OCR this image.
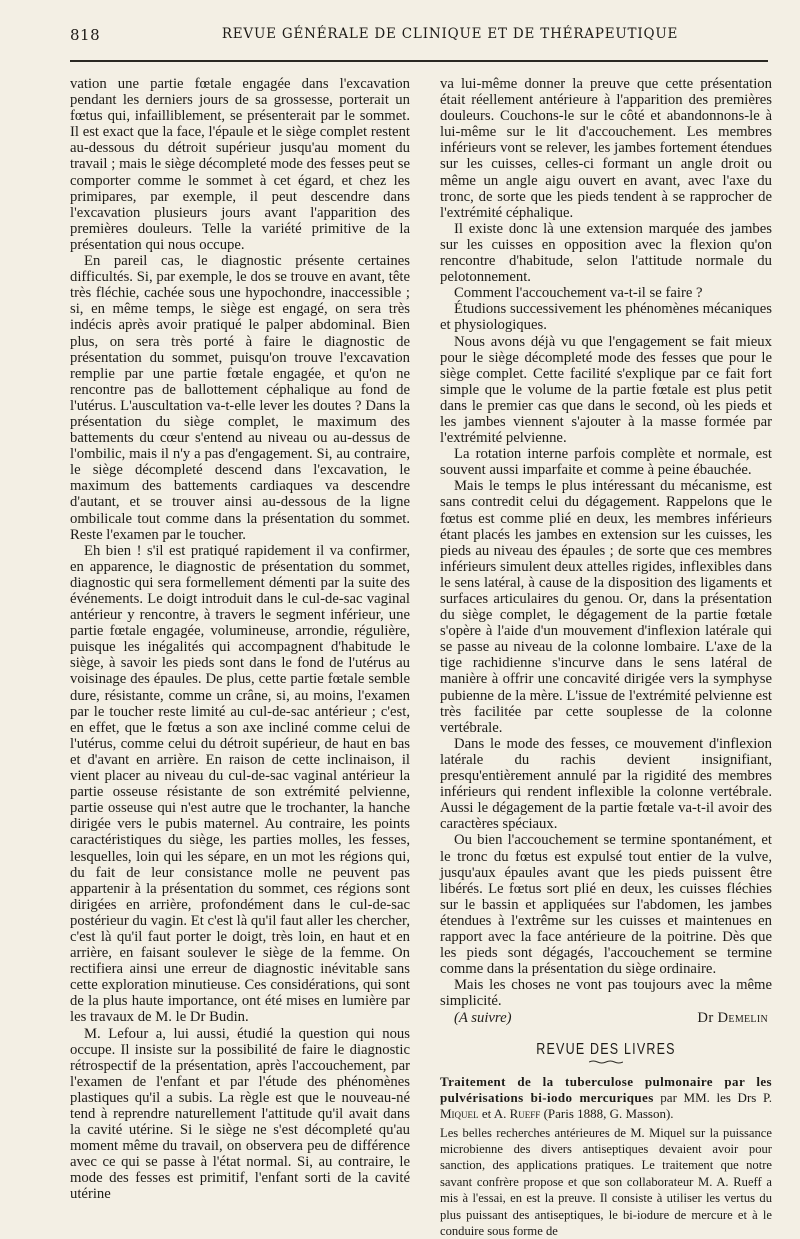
818	REVUE GÉNÉRALE DE CLINIQUE ET DE THÉRAPEUTIQUE

vation une partie fœtale engagée dans l'excavation pendant les derniers jours de sa grossesse, porterait un fœtus qui, infailliblement, se présenterait par le sommet. Il est exact que la face, l'épaule et le siège complet restent au-dessous du détroit supérieur jusqu'au moment du travail ; mais le siège décompleté mode des fesses peut se comporter comme le sommet à cet égard, et chez les primipares, par exemple, il peut descendre dans l'excavation plusieurs jours avant l'apparition des premières douleurs. Telle la variété primitive de la présentation qui nous occupe.

En pareil cas, le diagnostic présente certaines difficultés. Si, par exemple, le dos se trouve en avant, tête très fléchie, cachée sous une hypochondre, inaccessible ; si, en même temps, le siège est engagé, on sera très indécis après avoir pratiqué le palper abdominal. Bien plus, on sera très porté à faire le diagnostic de présentation du sommet, puisqu'on trouve l'excavation remplie par une partie fœtale engagée, et qu'on ne rencontre pas de ballottement céphalique au fond de l'utérus. L'auscultation va-t-elle lever les doutes ? Dans la présentation du siège complet, le maximum des battements du cœur s'entend au niveau ou au-dessus de l'ombilic, mais il n'y a pas d'engagement. Si, au contraire, le siège décompleté descend dans l'excavation, le maximum des battements cardiaques va descendre d'autant, et se trouver ainsi au-dessous de la ligne ombilicale tout comme dans la présentation du sommet. Reste l'examen par le toucher.

Eh bien ! s'il est pratiqué rapidement il va confirmer, en apparence, le diagnostic de présentation du sommet, diagnostic qui sera formellement démenti par la suite des événements. Le doigt introduit dans le cul-de-sac vaginal antérieur y rencontre, à travers le segment inférieur, une partie fœtale engagée, volumineuse, arrondie, régulière, puisque les inégalités qui accompagnent d'habitude le siège, à savoir les pieds sont dans le fond de l'utérus au voisinage des épaules. De plus, cette partie fœtale semble dure, résistante, comme un crâne, si, au moins, l'examen par le toucher reste limité au cul-de-sac antérieur ; c'est, en effet, que le fœtus a son axe incliné comme celui de l'utérus, comme celui du détroit supérieur, de haut en bas et d'avant en arrière. En raison de cette inclinaison, il vient placer au niveau du cul-de-sac vaginal antérieur la partie osseuse résistante de son extrémité pelvienne, partie osseuse qui n'est autre que le trochanter, la hanche dirigée vers le pubis maternel. Au contraire, les points caractéristiques du siège, les parties molles, les fesses, lesquelles, loin qui les sépare, en un mot les régions qui, du fait de leur consistance molle ne peuvent pas appartenir à la présentation du sommet, ces régions sont dirigées en arrière, profondément dans le cul-de-sac postérieur du vagin. Et c'est là qu'il faut aller les chercher, c'est là qu'il faut porter le doigt, très loin, en haut et en arrière, en faisant soulever le siège de la femme. On rectifiera ainsi une erreur de diagnostic inévitable sans cette exploration minutieuse. Ces considérations, qui sont de la plus haute importance, ont été mises en lumière par les travaux de M. le Dr Budin.

M. Lefour a, lui aussi, étudié la question qui nous occupe. Il insiste sur la possibilité de faire le diagnostic rétrospectif de la présentation, après l'accouchement, par l'examen de l'enfant et par l'étude des phénomènes plastiques qu'il a subis. La règle est que le nouveau-né tend à reprendre naturellement l'attitude qu'il avait dans la cavité utérine. Si le siège ne s'est décompleté qu'au moment même du travail, on observera peu de différence avec ce qui se passe à l'état normal. Si, au contraire, le mode des fesses est primitif, l'enfant sorti de la cavité utérine

va lui-même donner la preuve que cette présentation était réellement antérieure à l'apparition des premières douleurs. Couchons-le sur le côté et abandonnons-le à lui-même sur le lit d'accouchement. Les membres inférieurs vont se relever, les jambes fortement étendues sur les cuisses, celles-ci formant un angle droit ou même un angle aigu ouvert en avant, avec l'axe du tronc, de sorte que les pieds tendent à se rapprocher de l'extrémité céphalique.

Il existe donc là une extension marquée des jambes sur les cuisses en opposition avec la flexion qu'on rencontre d'habitude, selon l'attitude normale du pelotonnement.

Comment l'accouchement va-t-il se faire ?

Étudions successivement les phénomènes mécaniques et physiologiques.

Nous avons déjà vu que l'engagement se fait mieux pour le siège décompleté mode des fesses que pour le siège complet. Cette facilité s'explique par ce fait fort simple que le volume de la partie fœtale est plus petit dans le premier cas que dans le second, où les pieds et les jambes viennent s'ajouter à la masse formée par l'extrémité pelvienne.

La rotation interne parfois complète et normale, est souvent aussi imparfaite et comme à peine ébauchée.

Mais le temps le plus intéressant du mécanisme, est sans contredit celui du dégagement. Rappelons que le fœtus est comme plié en deux, les membres inférieurs étant placés les jambes en extension sur les cuisses, les pieds au niveau des épaules ; de sorte que ces membres inférieurs simulent deux attelles rigides, inflexibles dans le sens latéral, à cause de la disposition des ligaments et surfaces articulaires du genou. Or, dans la présentation du siège complet, le dégagement de la partie fœtale s'opère à l'aide d'un mouvement d'inflexion latérale qui se passe au niveau de la colonne lombaire. L'axe de la tige rachidienne s'incurve dans le sens latéral de manière à offrir une concavité dirigée vers la symphyse pubienne de la mère. L'issue de l'extrémité pelvienne est très facilitée par cette souplesse de la colonne vertébrale.

Dans le mode des fesses, ce mouvement d'inflexion latérale du rachis devient insignifiant, presqu'entièrement annulé par la rigidité des membres inférieurs qui rendent inflexible la colonne vertébrale. Aussi le dégagement de la partie fœtale va-t-il avoir des caractères spéciaux.

Ou bien l'accouchement se termine spontanément, et le tronc du fœtus est expulsé tout entier de la vulve, jusqu'aux épaules avant que les pieds puissent être libérés. Le fœtus sort plié en deux, les cuisses fléchies sur le bassin et appliquées sur l'abdomen, les jambes étendues à l'extrême sur les cuisses et maintenues en rapport avec la face antérieure de la poitrine. Dès que les pieds sont dégagés, l'accouchement se termine comme dans la présentation du siège ordinaire.

Mais les choses ne vont pas toujours avec la même simplicité.

(A suivre)	Dr Demelin
REVUE DES LIVRES

Traitement de la tuberculose pulmonaire par les pulvérisations bi-iodo mercuriques par MM. les Drs P. Miquel et A. Rueff (Paris 1888, G. Masson).

Les belles recherches antérieures de M. Miquel sur la puissance microbienne des divers antiseptiques devaient avoir pour sanction, des applications pratiques. Le traitement que notre savant confrère propose et que son collaborateur M. A. Rueff a mis à l'essai, en est la preuve. Il consiste à utiliser les vertus du plus puissant des antiseptiques, le bi-iodure de mercure et à le conduire sous forme de
